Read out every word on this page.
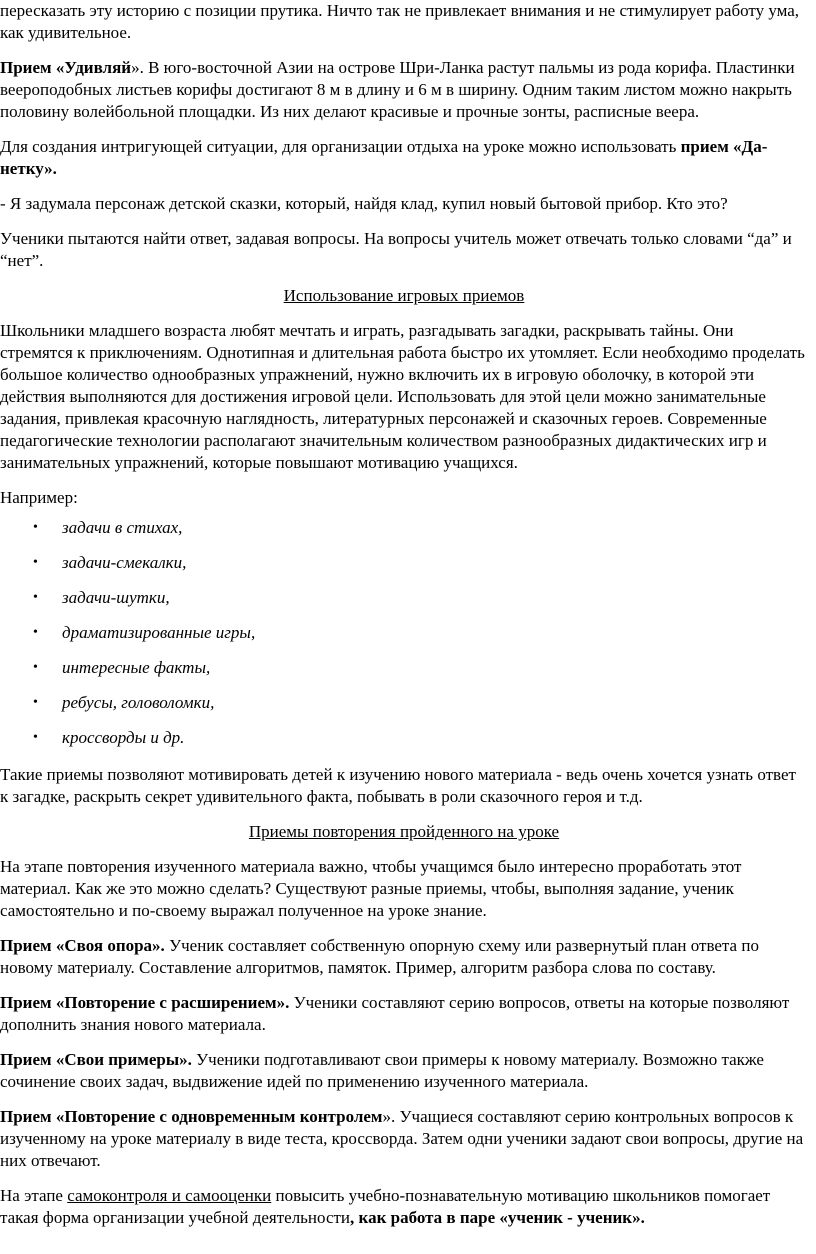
пересказать эту историю с позиции прутика. Ничто так не привлекает внимания и не стимулирует работу ума, как удивительное.

Прием «Удивляй». В юго-восточной Азии на острове Шри-Ланка растут пальмы из рода корифа. Пластинки веероподобных листьев корифы достигают 8 м в длину и 6 м в ширину. Одним таким листом можно накрыть половину волейбольной площадки. Из них делают красивые и прочные зонты, расписные веера.

Для создания интригующей ситуации, для организации отдыха на уроке можно использовать прием «Да-нетку».

- Я задумала персонаж детской сказки, который, найдя клад, купил новый бытовой прибор. Кто это?

Ученики пытаются найти ответ, задавая вопросы. На вопросы учитель может отвечать только словами “да” и “нет”.

Использование игровых приемов

Школьники младшего возраста любят мечтать и играть, разгадывать загадки, раскрывать тайны. Они стремятся к приключениям. Однотипная и длительная работа быстро их утомляет. Если необходимо проделать большое количество однообразных упражнений, нужно включить их в игровую оболочку, в которой эти действия выполняются для достижения игровой цели. Использовать для этой цели можно занимательные задания, привлекая красочную наглядность, литературных персонажей и сказочных героев. Современные педагогические технологии располагают значительным количеством разнообразных дидактических игр и занимательных упражнений, которые повышают мотивацию учащихся.

Например:

• задачи в стихах,
• задачи-смекалки,
• задачи-шутки,
• драматизированные игры,
• интересные факты,
• ребусы, головоломки,
• кроссворды и др.

Такие приемы позволяют мотивировать детей к изучению нового материала - ведь очень хочется узнать ответ к загадке, раскрыть секрет удивительного факта, побывать в роли сказочного героя и т.д.

Приемы повторения пройденного на уроке

На этапе повторения изученного материала важно, чтобы учащимся было интересно проработать этот материал. Как же это можно сделать? Существуют разные приемы, чтобы, выполняя задание, ученик самостоятельно и по-своему выражал полученное на уроке знание.

Прием «Своя опора». Ученик составляет собственную опорную схему или развернутый план ответа по новому материалу. Составление алгоритмов, памяток. Пример, алгоритм разбора слова по составу.

Прием «Повторение с расширением». Ученики составляют серию вопросов, ответы на которые позволяют дополнить знания нового материала.

Прием «Свои примеры». Ученики подготавливают свои примеры к новому материалу. Возможно также сочинение своих задач, выдвижение идей по применению изученного материала.

Прием «Повторение с одновременным контролем». Учащиеся составляют серию контрольных вопросов к изученному на уроке материалу в виде теста, кроссворда. Затем одни ученики задают свои вопросы, другие на них отвечают.

На этапе самоконтроля и самооценки повысить учебно-познавательную мотивацию школьников помогает такая форма организации учебной деятельности, как работа в паре «ученик - ученик».
